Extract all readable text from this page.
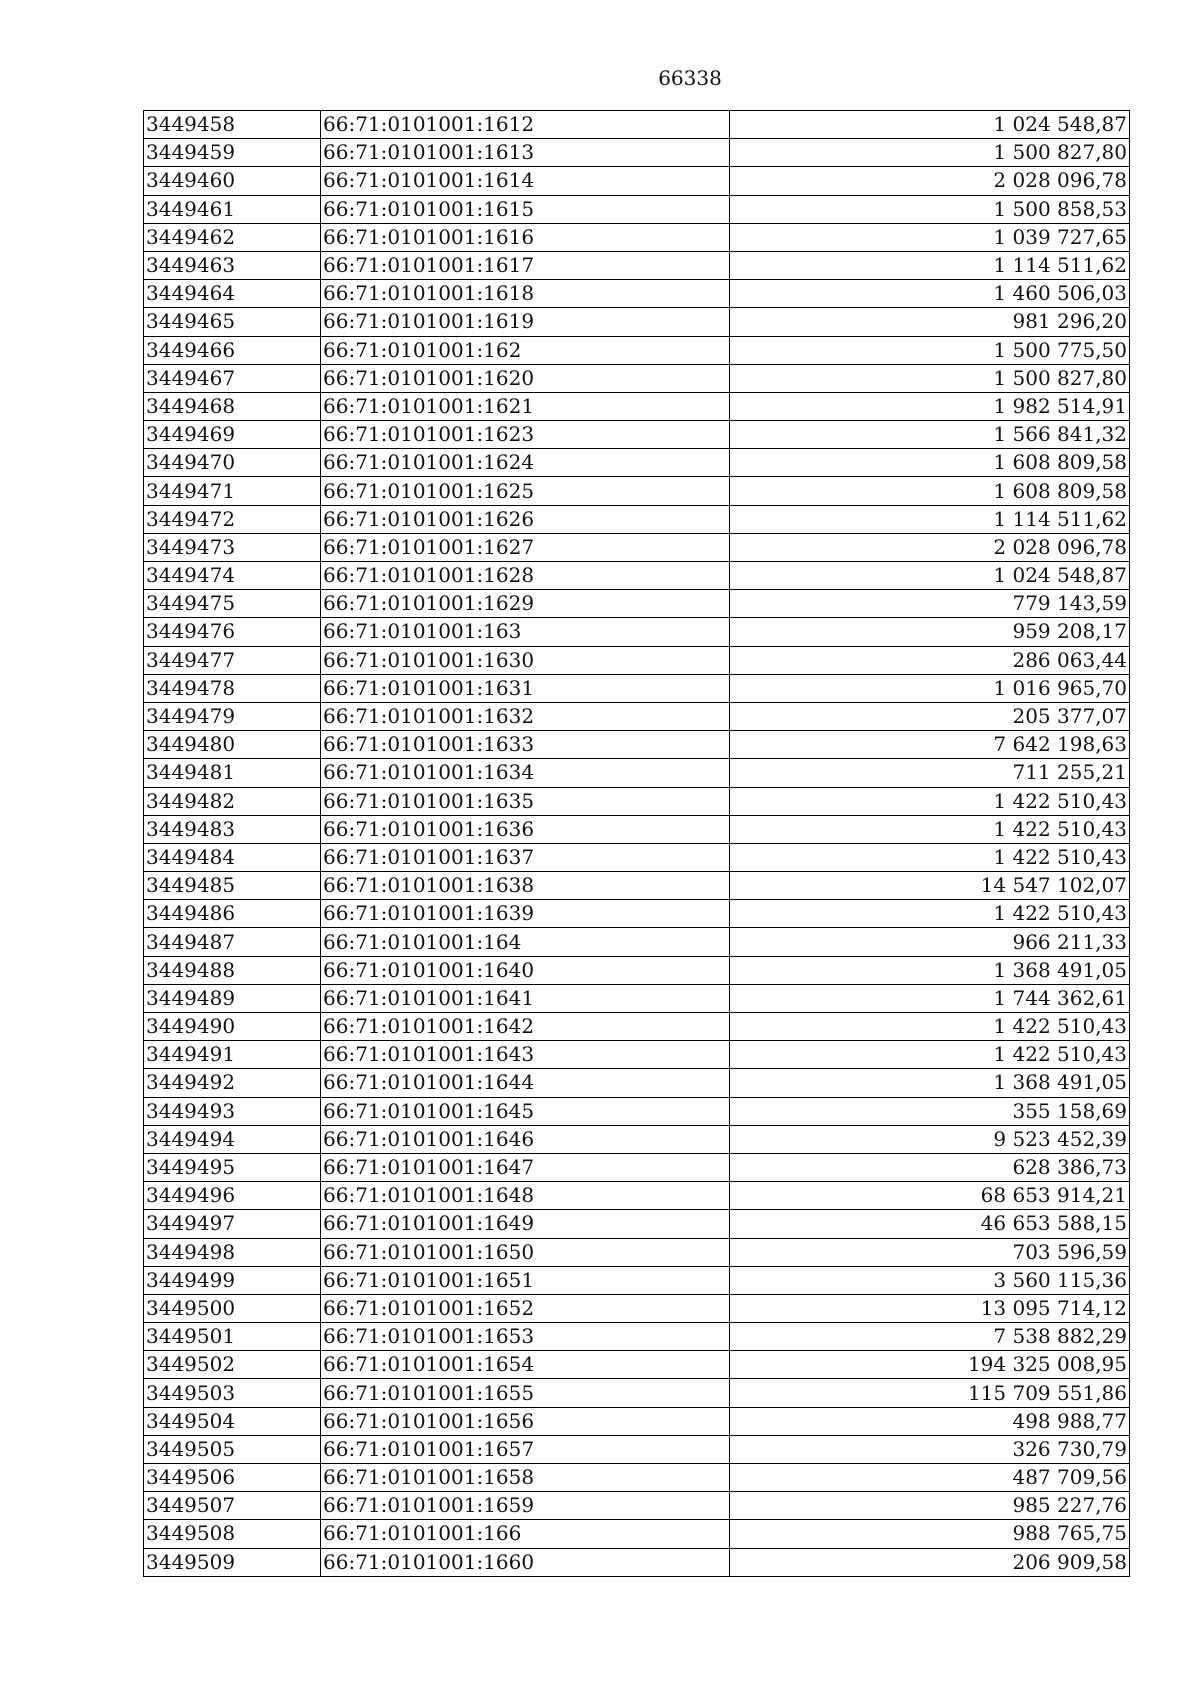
66338
3449458	66:71:0101001:1612	1 024 548,87
3449459	66:71:0101001:1613	1 500 827,80
3449460	66:71:0101001:1614	2 028 096,78
3449461	66:71:0101001:1615	1 500 858,53
3449462	66:71:0101001:1616	1 039 727,65
3449463	66:71:0101001:1617	1 114 511,62
3449464	66:71:0101001:1618	1 460 506,03
3449465	66:71:0101001:1619	981 296,20
3449466	66:71:0101001:162	1 500 775,50
3449467	66:71:0101001:1620	1 500 827,80
3449468	66:71:0101001:1621	1 982 514,91
3449469	66:71:0101001:1623	1 566 841,32
3449470	66:71:0101001:1624	1 608 809,58
3449471	66:71:0101001:1625	1 608 809,58
3449472	66:71:0101001:1626	1 114 511,62
3449473	66:71:0101001:1627	2 028 096,78
3449474	66:71:0101001:1628	1 024 548,87
3449475	66:71:0101001:1629	779 143,59
3449476	66:71:0101001:163	959 208,17
3449477	66:71:0101001:1630	286 063,44
3449478	66:71:0101001:1631	1 016 965,70
3449479	66:71:0101001:1632	205 377,07
3449480	66:71:0101001:1633	7 642 198,63
3449481	66:71:0101001:1634	711 255,21
3449482	66:71:0101001:1635	1 422 510,43
3449483	66:71:0101001:1636	1 422 510,43
3449484	66:71:0101001:1637	1 422 510,43
3449485	66:71:0101001:1638	14 547 102,07
3449486	66:71:0101001:1639	1 422 510,43
3449487	66:71:0101001:164	966 211,33
3449488	66:71:0101001:1640	1 368 491,05
3449489	66:71:0101001:1641	1 744 362,61
3449490	66:71:0101001:1642	1 422 510,43
3449491	66:71:0101001:1643	1 422 510,43
3449492	66:71:0101001:1644	1 368 491,05
3449493	66:71:0101001:1645	355 158,69
3449494	66:71:0101001:1646	9 523 452,39
3449495	66:71:0101001:1647	628 386,73
3449496	66:71:0101001:1648	68 653 914,21
3449497	66:71:0101001:1649	46 653 588,15
3449498	66:71:0101001:1650	703 596,59
3449499	66:71:0101001:1651	3 560 115,36
3449500	66:71:0101001:1652	13 095 714,12
3449501	66:71:0101001:1653	7 538 882,29
3449502	66:71:0101001:1654	194 325 008,95
3449503	66:71:0101001:1655	115 709 551,86
3449504	66:71:0101001:1656	498 988,77
3449505	66:71:0101001:1657	326 730,79
3449506	66:71:0101001:1658	487 709,56
3449507	66:71:0101001:1659	985 227,76
3449508	66:71:0101001:166	988 765,75
3449509	66:71:0101001:1660	206 909,58
